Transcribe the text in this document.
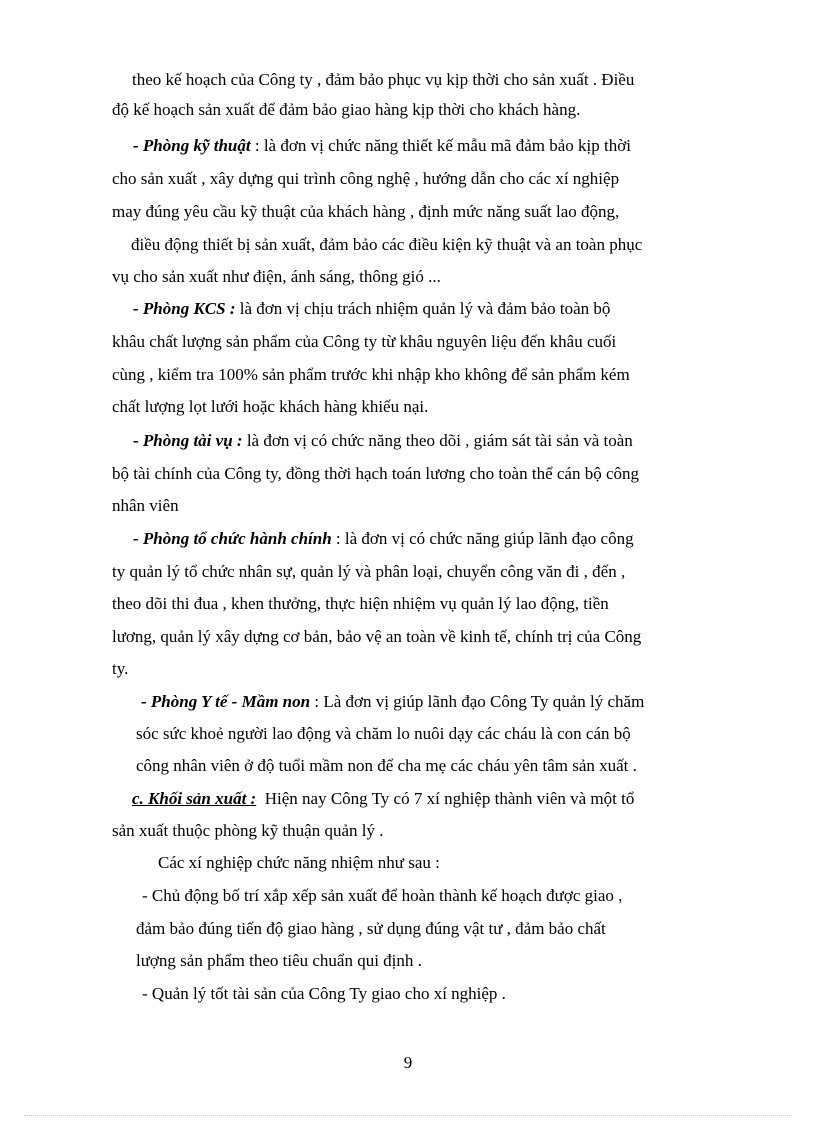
theo kế hoạch của Công ty , đảm bảo phục vụ kịp thời cho sản xuất . Điều
độ kế hoạch sản xuất để đảm bảo giao hàng kịp thời cho khách hàng.
- Phòng kỹ thuật : là đơn vị chức năng thiết kế mẫu mã đảm bảo kịp thời
cho sản xuất , xây dựng qui trình công nghệ , hướng dẫn cho các xí nghiệp
may đúng yêu cầu kỹ thuật của khách hàng , định mức năng suất lao động,
điều động thiết bị sản xuất, đảm bảo các điều kiện kỹ thuật và an toàn phục
vụ cho sản xuất như điện, ánh sáng, thông gió ...
- Phòng KCS : là đơn vị chịu trách nhiệm quản lý và đảm bảo toàn bộ
khâu chất lượng sản phẩm của Công ty từ khâu nguyên liệu đến khâu cuối
cùng , kiểm tra 100% sản phẩm trước khi nhập kho không để sản phẩm kém
chất lượng lọt lưới hoặc khách hàng khiếu nại.
- Phòng tài vụ : là đơn vị có chức năng theo dõi , giám sát tài sản và toàn
bộ tài chính của Công ty, đồng thời hạch toán lương cho toàn thể cán bộ công
nhân viên
- Phòng tổ chức hành chính : là đơn vị có chức năng giúp lãnh đạo công
ty quản lý tổ chức nhân sự, quản lý và phân loại, chuyển công văn đi , đến ,
theo dõi thi đua , khen thưởng, thực hiện nhiệm vụ quản lý lao động, tiền
lương, quản lý xây dựng cơ bản, bảo vệ an toàn về kinh tế, chính trị của Công
ty.
- Phòng Y tế - Mầm non : Là đơn vị giúp lãnh đạo Công Ty quản lý chăm
sóc sức khoẻ người lao động và chăm lo nuôi dạy các cháu là con cán bộ
công nhân viên ở độ tuổi mầm non để cha mẹ các cháu yên tâm sản xuất .
c. Khối sản xuất : Hiện nay Công Ty có 7 xí nghiệp thành viên và một tổ
sản xuất thuộc phòng kỹ thuận quản lý .
Các xí nghiệp chức năng nhiệm như sau :
- Chủ động bố trí xắp xếp sản xuất để hoàn thành kế hoạch được giao ,
đảm bảo đúng tiến độ giao hàng , sử dụng đúng vật tư , đảm bảo chất
lượng sản phẩm theo tiêu chuẩn qui định .
- Quản lý tốt tài sản của Công Ty giao cho xí nghiệp .
9
